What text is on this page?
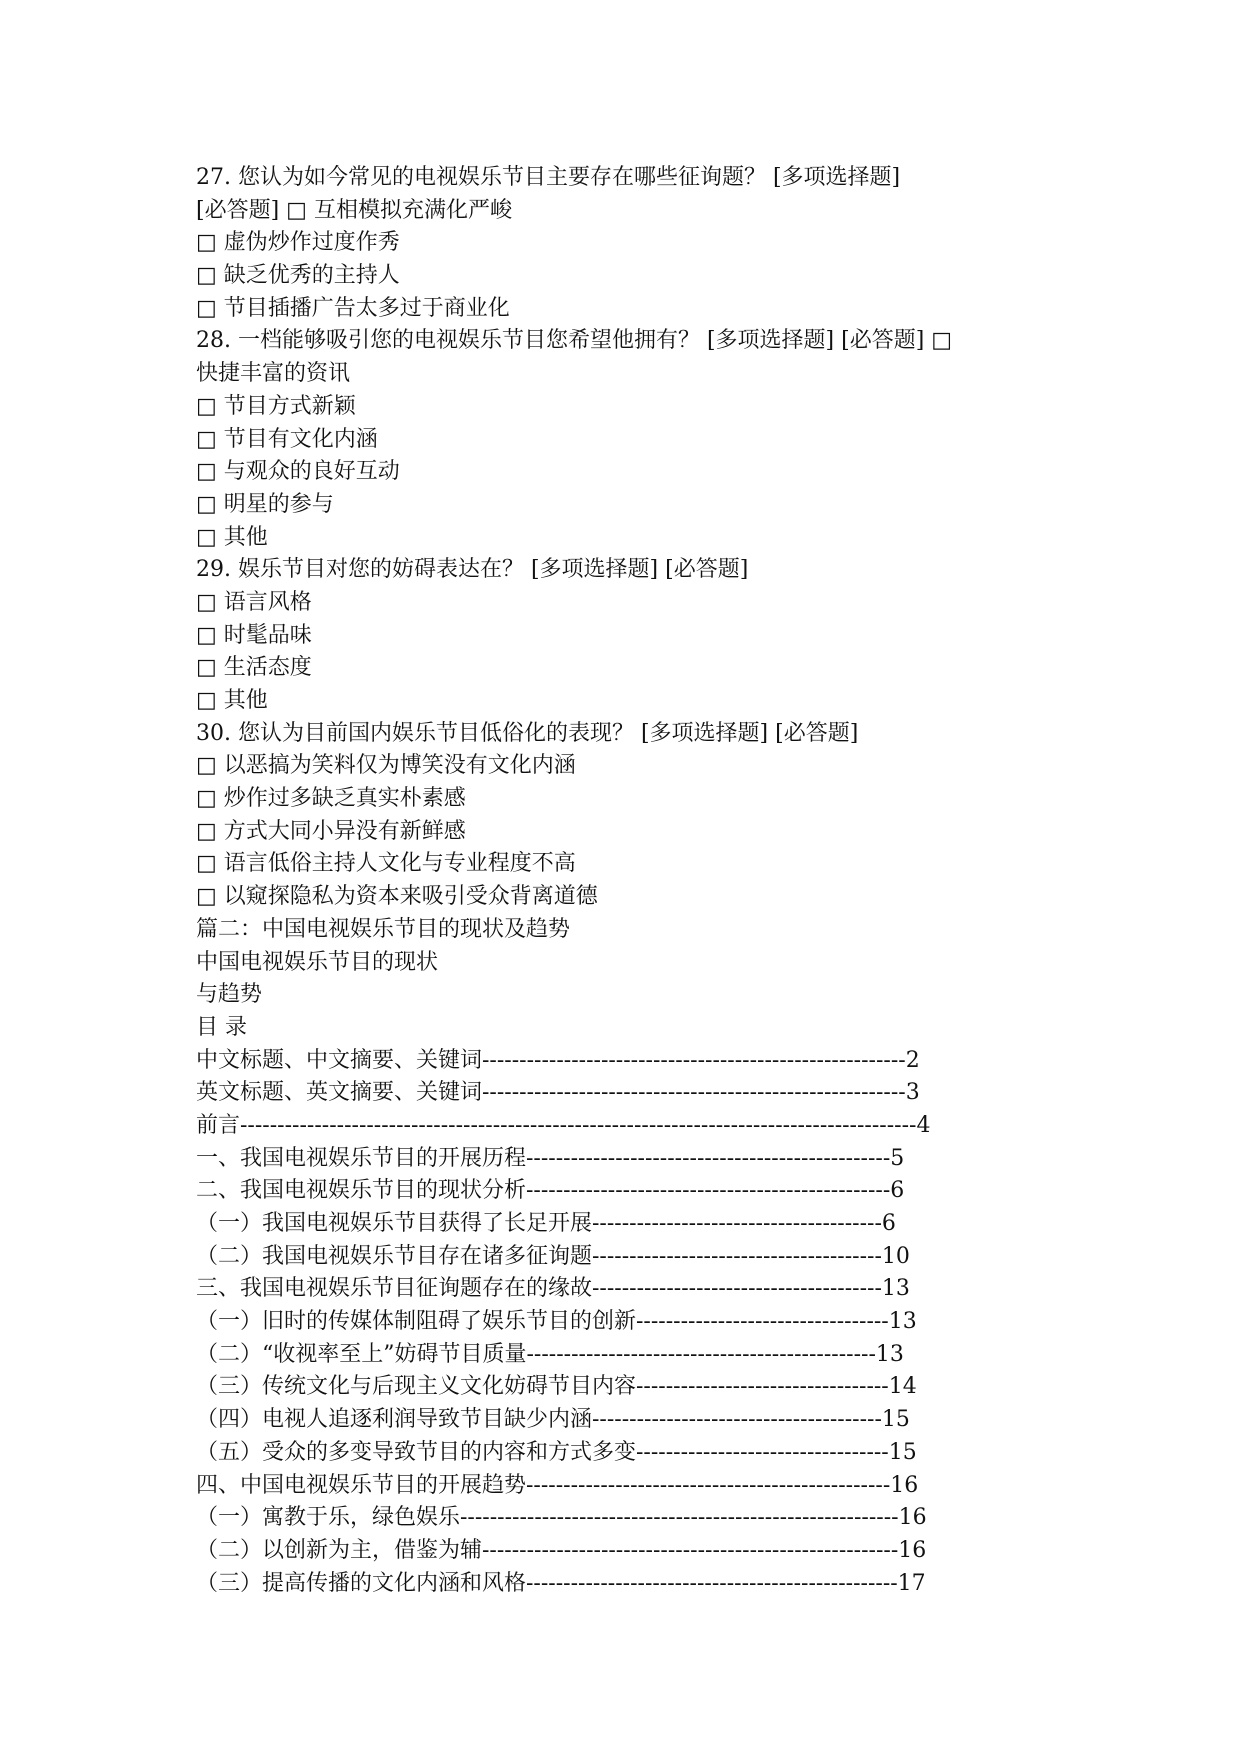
27. 您认为如今常见的电视娱乐节目主要存在哪些征询题？ [多项选择题]
[必答题] □ 互相模拟充满化严峻
□ 虚伪炒作过度作秀
□ 缺乏优秀的主持人
□ 节目插播广告太多过于商业化
28. 一档能够吸引您的电视娱乐节目您希望他拥有？ [多项选择题] [必答题] □
快捷丰富的资讯
□ 节目方式新颖
□ 节目有文化内涵
□ 与观众的良好互动
□ 明星的参与
□ 其他
29. 娱乐节目对您的妨碍表达在？ [多项选择题] [必答题]
□ 语言风格
□ 时髦品味
□ 生活态度
□ 其他
30. 您认为目前国内娱乐节目低俗化的表现？ [多项选择题] [必答题]
□ 以恶搞为笑料仅为博笑没有文化内涵
□ 炒作过多缺乏真实朴素感
□ 方式大同小异没有新鲜感
□ 语言低俗主持人文化与专业程度不高
□ 以窥探隐私为资本来吸引受众背离道德
篇二：中国电视娱乐节目的现状及趋势
中国电视娱乐节目的现状
与趋势
目 录
中文标题、中文摘要、关键词---------------------------------------------------------2
英文标题、英文摘要、关键词---------------------------------------------------------3
前言-------------------------------------------------------------------------------------------4
一、我国电视娱乐节目的开展历程-------------------------------------------------5
二、我国电视娱乐节目的现状分析-------------------------------------------------6
（一）我国电视娱乐节目获得了长足开展---------------------------------------6
（二）我国电视娱乐节目存在诸多征询题---------------------------------------10
三、我国电视娱乐节目征询题存在的缘故---------------------------------------13
（一）旧时的传媒体制阻碍了娱乐节目的创新----------------------------------13
（二）“收视率至上”妨碍节目质量-----------------------------------------------13
（三）传统文化与后现主义文化妨碍节目内容----------------------------------14
（四）电视人追逐利润导致节目缺少内涵---------------------------------------15
（五）受众的多变导致节目的内容和方式多变----------------------------------15
四、中国电视娱乐节目的开展趋势-------------------------------------------------16
（一）寓教于乐，绿色娱乐-----------------------------------------------------------16
（二）以创新为主，借鉴为辅--------------------------------------------------------16
（三）提高传播的文化内涵和风格--------------------------------------------------17
